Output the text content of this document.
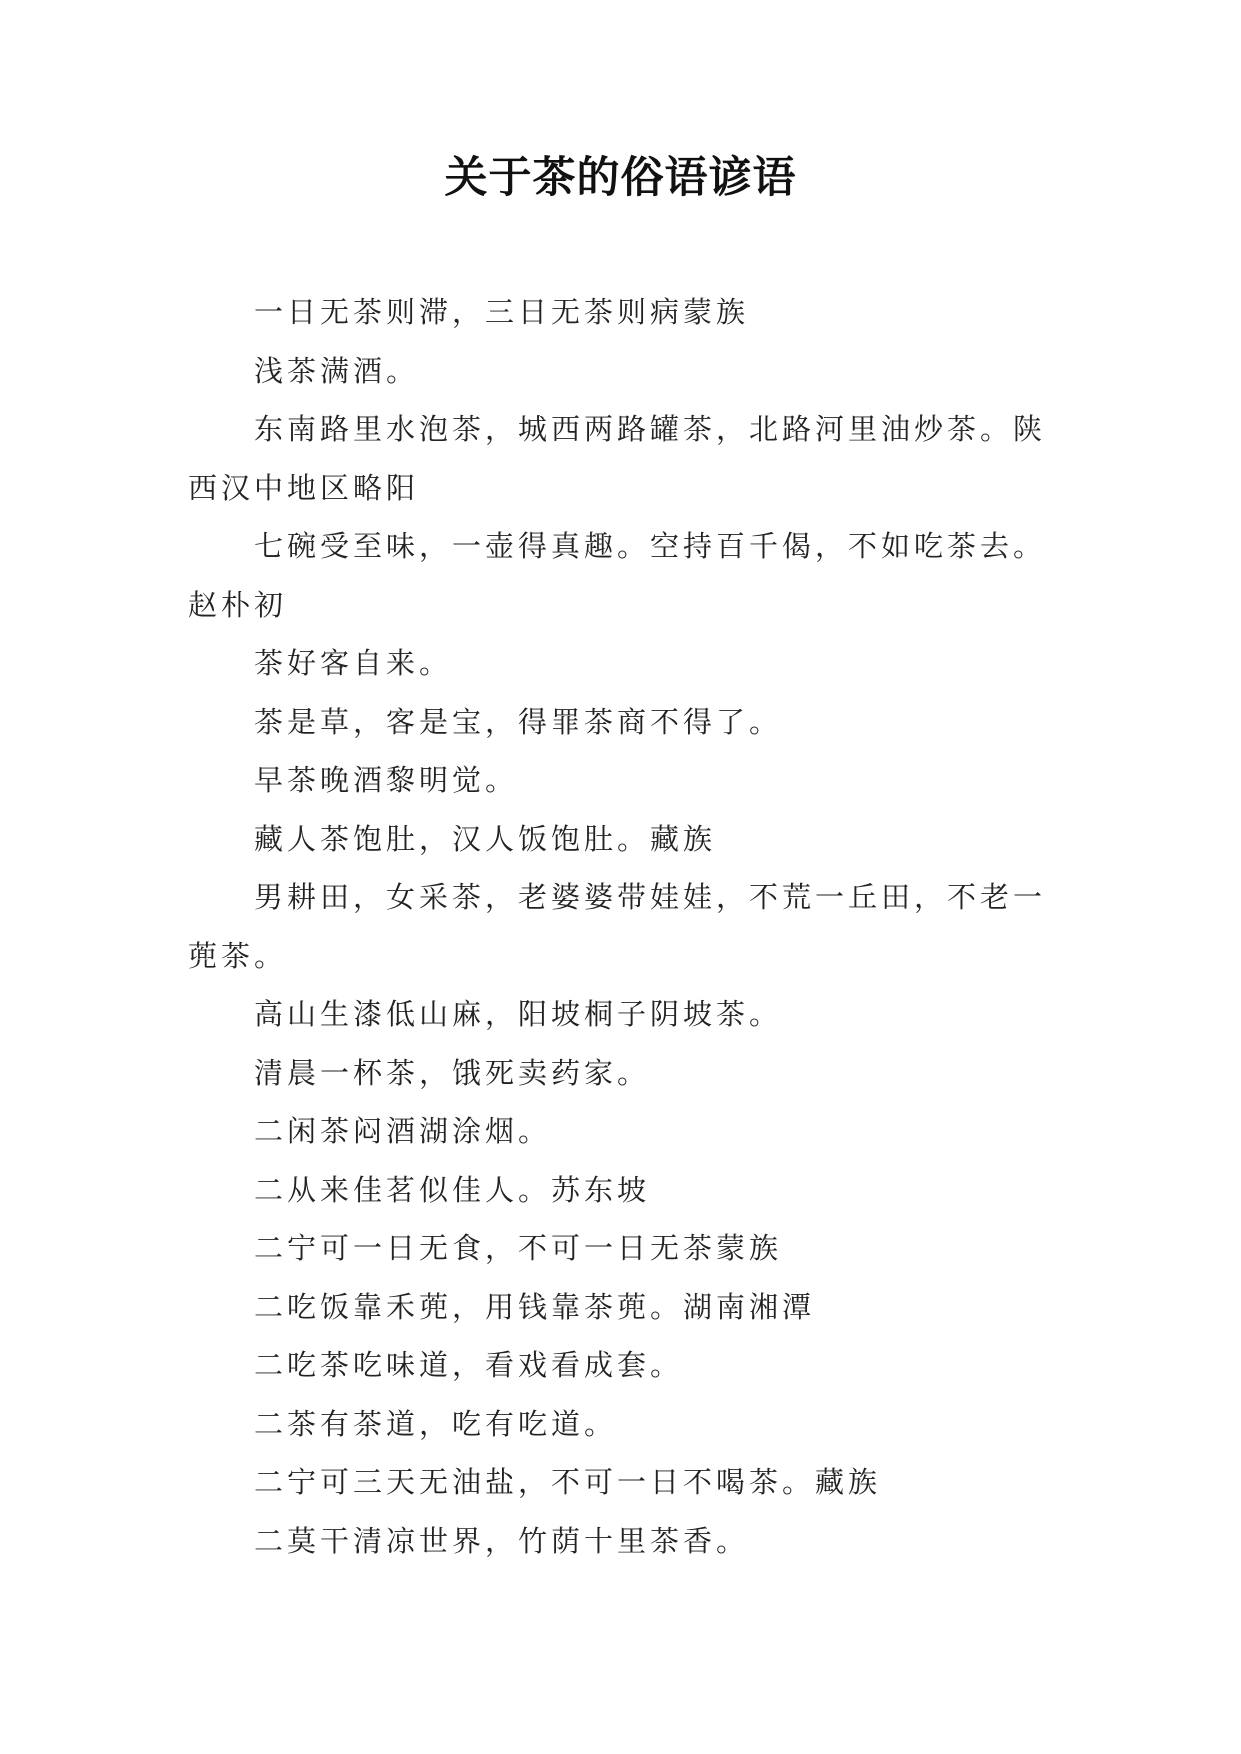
关于茶的俗语谚语

一日无茶则滞，三日无茶则病蒙族

浅茶满酒。

东南路里水泡茶，城西两路罐茶，北路河里油炒茶。陕西汉中地区略阳

七碗受至味，一壶得真趣。空持百千偈，不如吃茶去。赵朴初

茶好客自来。

茶是草，客是宝，得罪茶商不得了。

早茶晚酒黎明觉。

藏人茶饱肚，汉人饭饱肚。藏族

男耕田，女采茶，老婆婆带娃娃，不荒一丘田，不老一蔸茶。

高山生漆低山麻，阳坡桐子阴坡茶。

清晨一杯茶，饿死卖药家。

二闲茶闷酒湖涂烟。

二从来佳茗似佳人。苏东坡

二宁可一日无食，不可一日无茶蒙族

二吃饭靠禾蔸，用钱靠茶蔸。湖南湘潭

二吃茶吃味道，看戏看成套。

二茶有茶道，吃有吃道。

二宁可三天无油盐，不可一日不喝茶。藏族

二莫干清凉世界，竹荫十里茶香。
